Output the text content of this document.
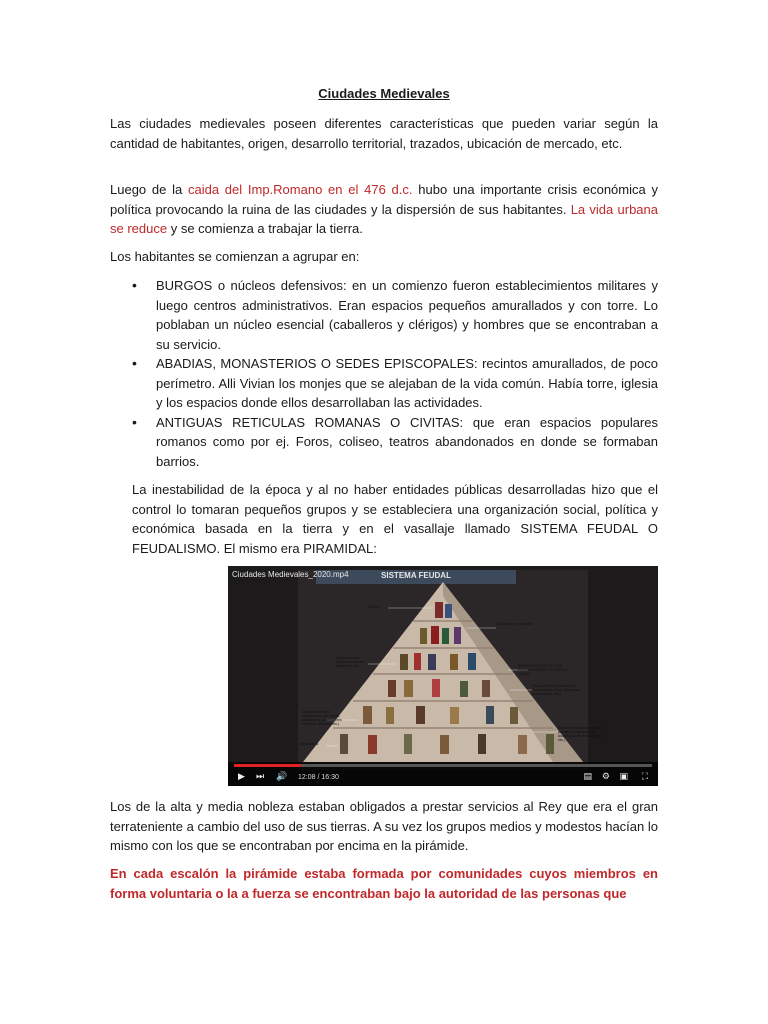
Ciudades Medievales

Las ciudades medievales poseen diferentes características que pueden variar según la cantidad de habitantes, origen, desarrollo territorial, trazados, ubicación de mercado, etc.

Luego de la caida del Imp.Romano en el 476 d.c. hubo una importante crisis económica y política provocando la ruina de las ciudades y la dispersión de sus habitantes. La vida urbana se reduce y se comienza a trabajar la tierra.

Los habitantes se comienzan a agrupar en:

• BURGOS o núcleos defensivos: en un comienzo fueron establecimientos militares y luego centros administrativos. Eran espacios pequeños amurallados y con torre. Lo poblaban un núcleo esencial (caballeros y clérigos) y hombres que se encontraban a su servicio.
• ABADIAS, MONASTERIOS O SEDES EPISCOPALES: recintos amurallados, de poco perímetro. Alli Vivian los monjes que se alejaban de la vida común. Había torre, iglesia y los espacios donde ellos desarrollaban las actividades.
• ANTIGUAS RETICULAS ROMANAS O CIVITAS: que eran espacios populares romanos como por ej. Foros, coliseo, teatros abandonados en donde se formaban barrios.

La inestabilidad de la época y al no haber entidades públicas desarrolladas hizo que el control lo tomaran pequeños grupos y se estableciera una organización social, política y económica basada en la tierra y en el vasallaje llamado SISTEMA FEUDAL O FEUDALISMO. El mismo era PIRAMIDAL:

Ciudades Medievales_2020.mp4	SISTEMA FEUDAL
Reyes
Alta nobleza y alto clero
Nobleza media (sectores urbanos: caballeros, etc.)	SEPARACIÓN ENTRE LOS PRIVILEGIADOS Y EL PUEBLO LLANO
Grupos medios (artesanos y comerciantes ricos, labradores acomodados, etc.)
Grupos modestos (campesinos con tierras, artesanos y comerciantes humildes, oficiales, etc.)
Estratos más pobres (siervos, jornaleros, trabajadores asalariados de oficios libres, etc.)
Marginados
▶ ⏭ 🔊 12:08 / 16:30	▤ ⚙ ▣ ⛶

Los de la alta y media nobleza estaban obligados a prestar servicios al Rey que era el gran terrateniente a cambio del uso de sus tierras. A su vez los grupos medios y modestos hacían lo mismo con los que se encontraban por encima en la pirámide.

En cada escalón la pirámide estaba formada por comunidades cuyos miembros en forma voluntaria o la a fuerza se encontraban bajo la autoridad de las personas que
